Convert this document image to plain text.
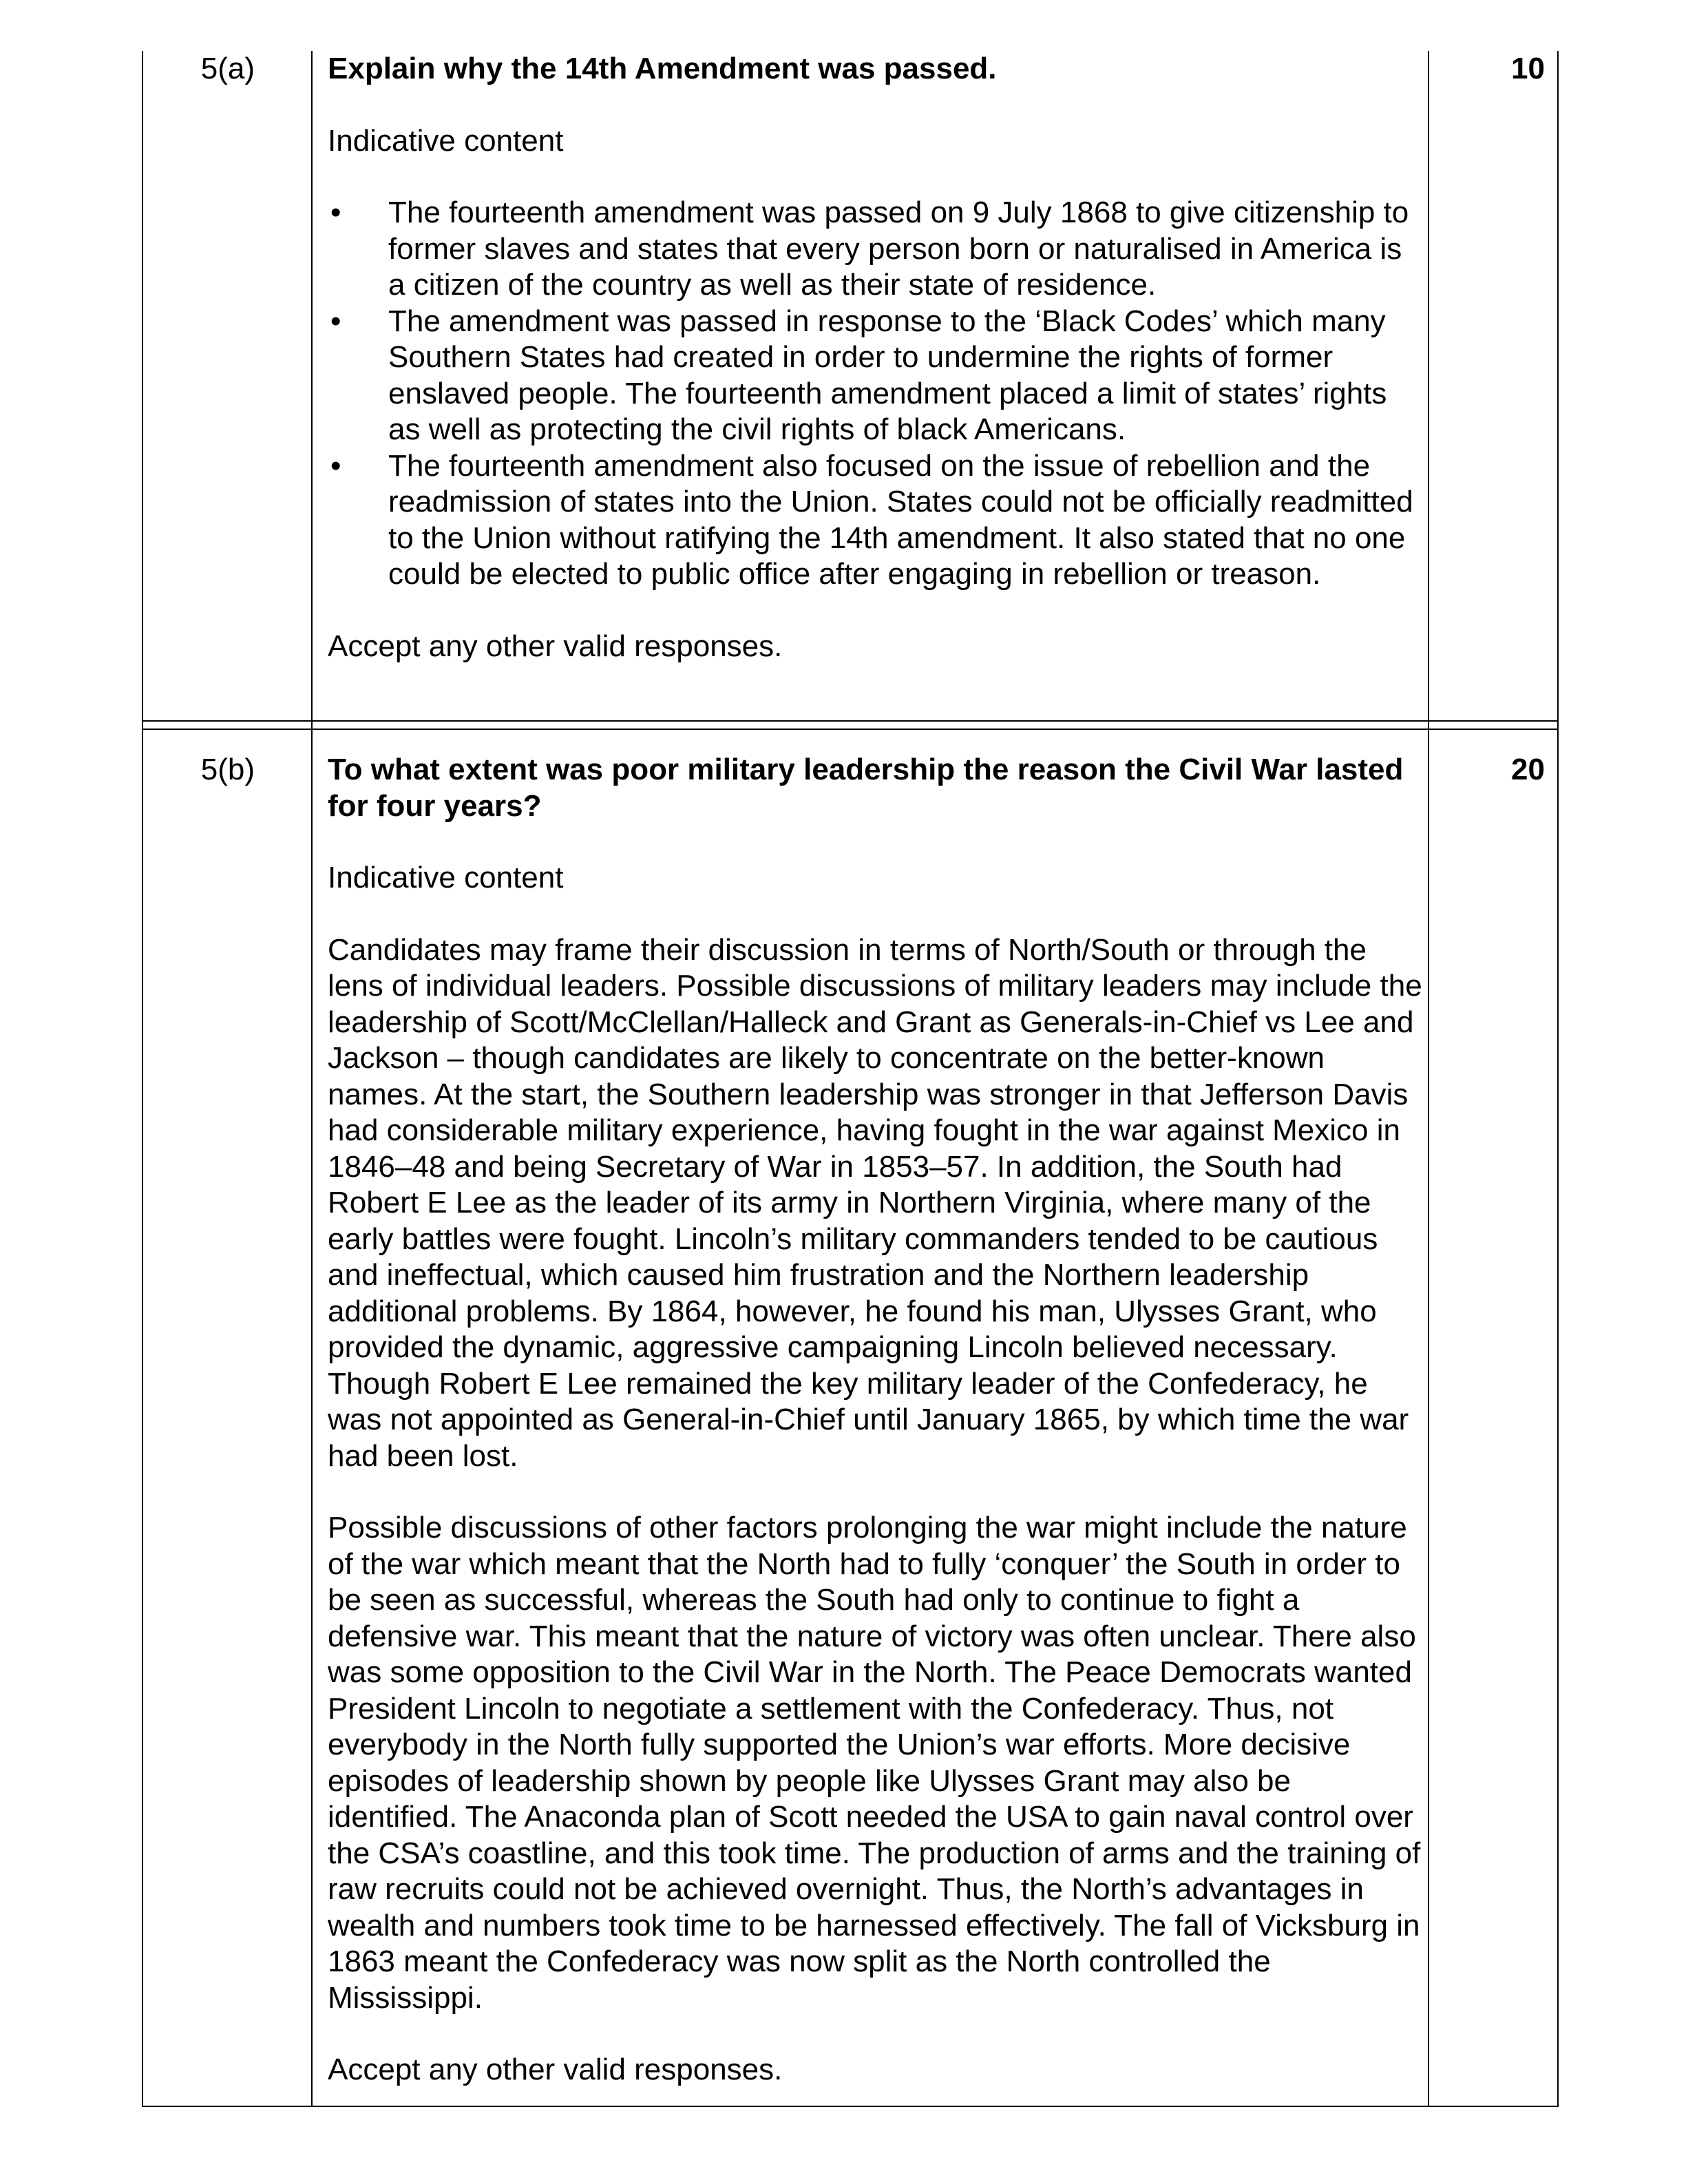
5(a)	10

Explain why the 14th Amendment was passed.

Indicative content

• The fourteenth amendment was passed on 9 July 1868 to give citizenship to former slaves and states that every person born or naturalised in America is a citizen of the country as well as their state of residence.
• The amendment was passed in response to the ‘Black Codes’ which many Southern States had created in order to undermine the rights of former enslaved people. The fourteenth amendment placed a limit of states’ rights as well as protecting the civil rights of black Americans.
• The fourteenth amendment also focused on the issue of rebellion and the readmission of states into the Union. States could not be officially readmitted to the Union without ratifying the 14th amendment. It also stated that no one could be elected to public office after engaging in rebellion or treason.

Accept any other valid responses.

5(b)	20

To what extent was poor military leadership the reason the Civil War lasted for four years?

Indicative content

Candidates may frame their discussion in terms of North/South or through the lens of individual leaders. Possible discussions of military leaders may include the leadership of Scott/McClellan/Halleck and Grant as Generals-in-Chief vs Lee and Jackson – though candidates are likely to concentrate on the better-known names. At the start, the Southern leadership was stronger in that Jefferson Davis had considerable military experience, having fought in the war against Mexico in 1846–48 and being Secretary of War in 1853–57. In addition, the South had Robert E Lee as the leader of its army in Northern Virginia, where many of the early battles were fought. Lincoln’s military commanders tended to be cautious and ineffectual, which caused him frustration and the Northern leadership additional problems. By 1864, however, he found his man, Ulysses Grant, who provided the dynamic, aggressive campaigning Lincoln believed necessary. Though Robert E Lee remained the key military leader of the Confederacy, he was not appointed as General-in-Chief until January 1865, by which time the war had been lost.

Possible discussions of other factors prolonging the war might include the nature of the war which meant that the North had to fully ‘conquer’ the South in order to be seen as successful, whereas the South had only to continue to fight a defensive war. This meant that the nature of victory was often unclear. There also was some opposition to the Civil War in the North. The Peace Democrats wanted President Lincoln to negotiate a settlement with the Confederacy. Thus, not everybody in the North fully supported the Union’s war efforts. More decisive episodes of leadership shown by people like Ulysses Grant may also be identified. The Anaconda plan of Scott needed the USA to gain naval control over the CSA’s coastline, and this took time. The production of arms and the training of raw recruits could not be achieved overnight. Thus, the North’s advantages in wealth and numbers took time to be harnessed effectively. The fall of Vicksburg in 1863 meant the Confederacy was now split as the North controlled the Mississippi.

Accept any other valid responses.
